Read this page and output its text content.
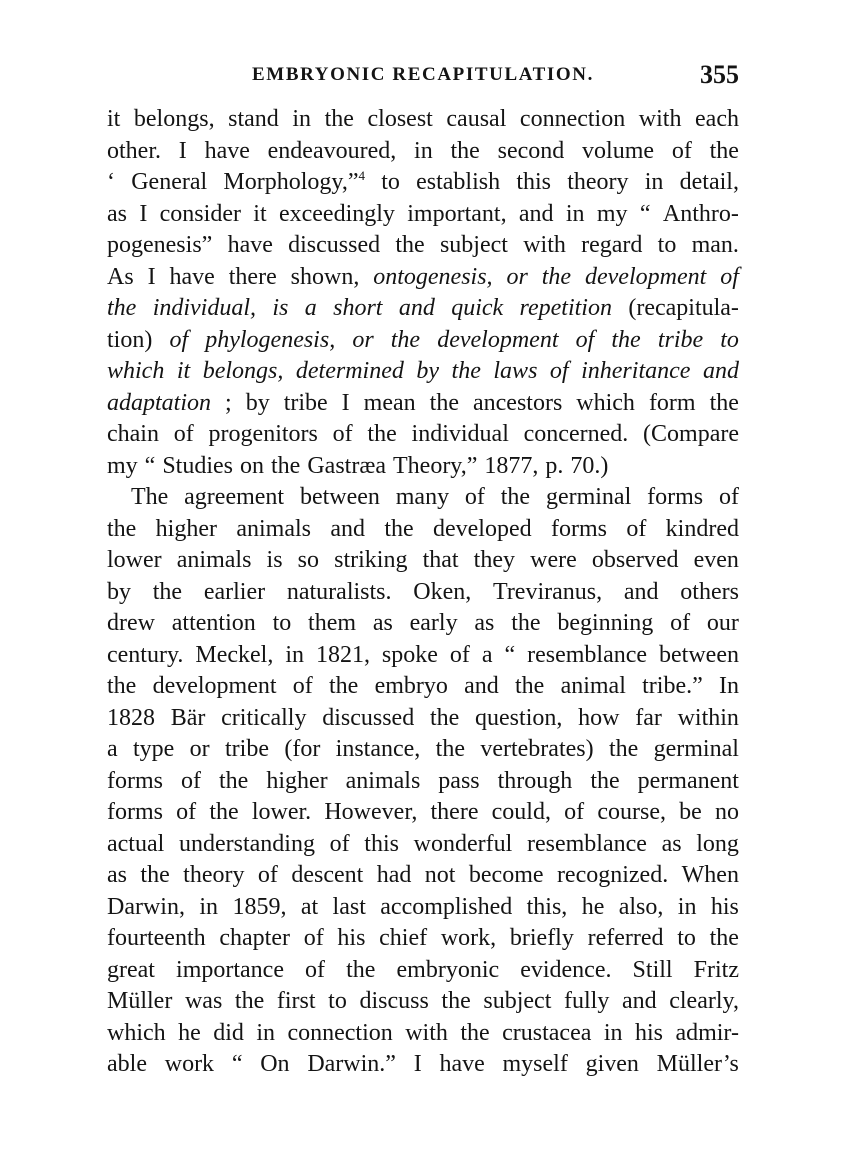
EMBRYONIC RECAPITULATION.	355
it belongs, stand in the closest causal connection with each
other. I have endeavoured, in the second volume of the
‘ General Morphology,”$^4$ to establish this theory in detail,
as I consider it exceedingly important, and in my “ Anthro-
pogenesis” have discussed the subject with regard to man.
As I have there shown, ontogenesis, or the development of
the individual, is a short and quick repetition (recapitula-
tion) of phylogenesis, or the development of the tribe to
which it belongs, determined by the laws of inheritance and
adaptation ; by tribe I mean the ancestors which form the
chain of progenitors of the individual concerned. (Compare
my “ Studies on the Gastræa Theory,” 1877, p. 70.)
The agreement between many of the germinal forms of
the higher animals and the developed forms of kindred
lower animals is so striking that they were observed even
by the earlier naturalists. Oken, Treviranus, and others
drew attention to them as early as the beginning of our
century. Meckel, in 1821, spoke of a “ resemblance between
the development of the embryo and the animal tribe.” In
1828 Bär critically discussed the question, how far within
a type or tribe (for instance, the vertebrates) the germinal
forms of the higher animals pass through the permanent
forms of the lower. However, there could, of course, be no
actual understanding of this wonderful resemblance as long
as the theory of descent had not become recognized. When
Darwin, in 1859, at last accomplished this, he also, in his
fourteenth chapter of his chief work, briefly referred to the
great importance of the embryonic evidence. Still Fritz
Müller was the first to discuss the subject fully and clearly,
which he did in connection with the crustacea in his admir-
able work “ On Darwin.” I have myself given Müller’s
